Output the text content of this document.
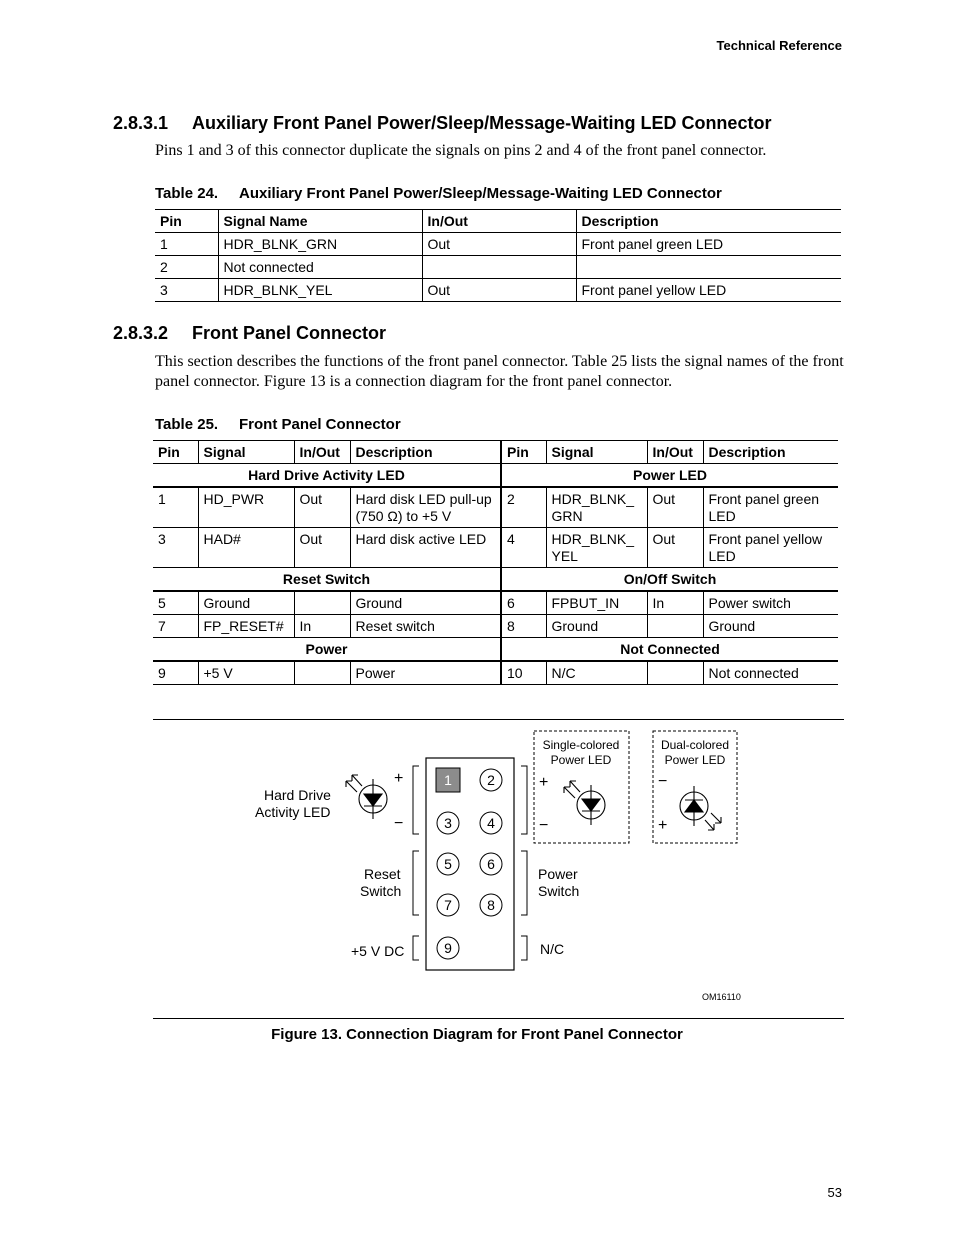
Technical Reference
2.8.3.1 Auxiliary Front Panel Power/Sleep/Message-Waiting LED Connector
Pins 1 and 3 of this connector duplicate the signals on pins 2 and 4 of the front panel connector.
Table 24. Auxiliary Front Panel Power/Sleep/Message-Waiting LED Connector
Pin	Signal Name	In/Out	Description
1	HDR_BLNK_GRN	Out	Front panel green LED
2	Not connected		
3	HDR_BLNK_YEL	Out	Front panel yellow LED
2.8.3.2 Front Panel Connector
This section describes the functions of the front panel connector. Table 25 lists the signal names of the front panel connector. Figure 13 is a connection diagram for the front panel connector.
Table 25. Front Panel Connector
Pin	Signal	In/Out	Description	Pin	Signal	In/Out	Description
Hard Drive Activity LED				Power LED			
1	HD_PWR	Out	Hard disk LED pull-up (750 Ω) to +5 V	2	HDR_BLNK_ GRN	Out	Front panel green LED
3	HAD#	Out	Hard disk active LED	4	HDR_BLNK_ YEL	Out	Front panel yellow LED
Reset Switch				On/Off Switch			
5	Ground		Ground	6	FPBUT_IN	In	Power switch
7	FP_RESET#	In	Reset switch	8	Ground		Ground
Power				Not Connected			
9	+5 V		Power	10	N/C		Not connected
1	2
3	4
5	6
7	8
9
Hard Drive
Activity LED
Reset
Switch
+5 V DC
+
−
Power
Switch
N/C
Single-colored
Power LED
+
−
Dual-colored
Power LED
−
+
OM16110
Figure 13. Connection Diagram for Front Panel Connector
53
